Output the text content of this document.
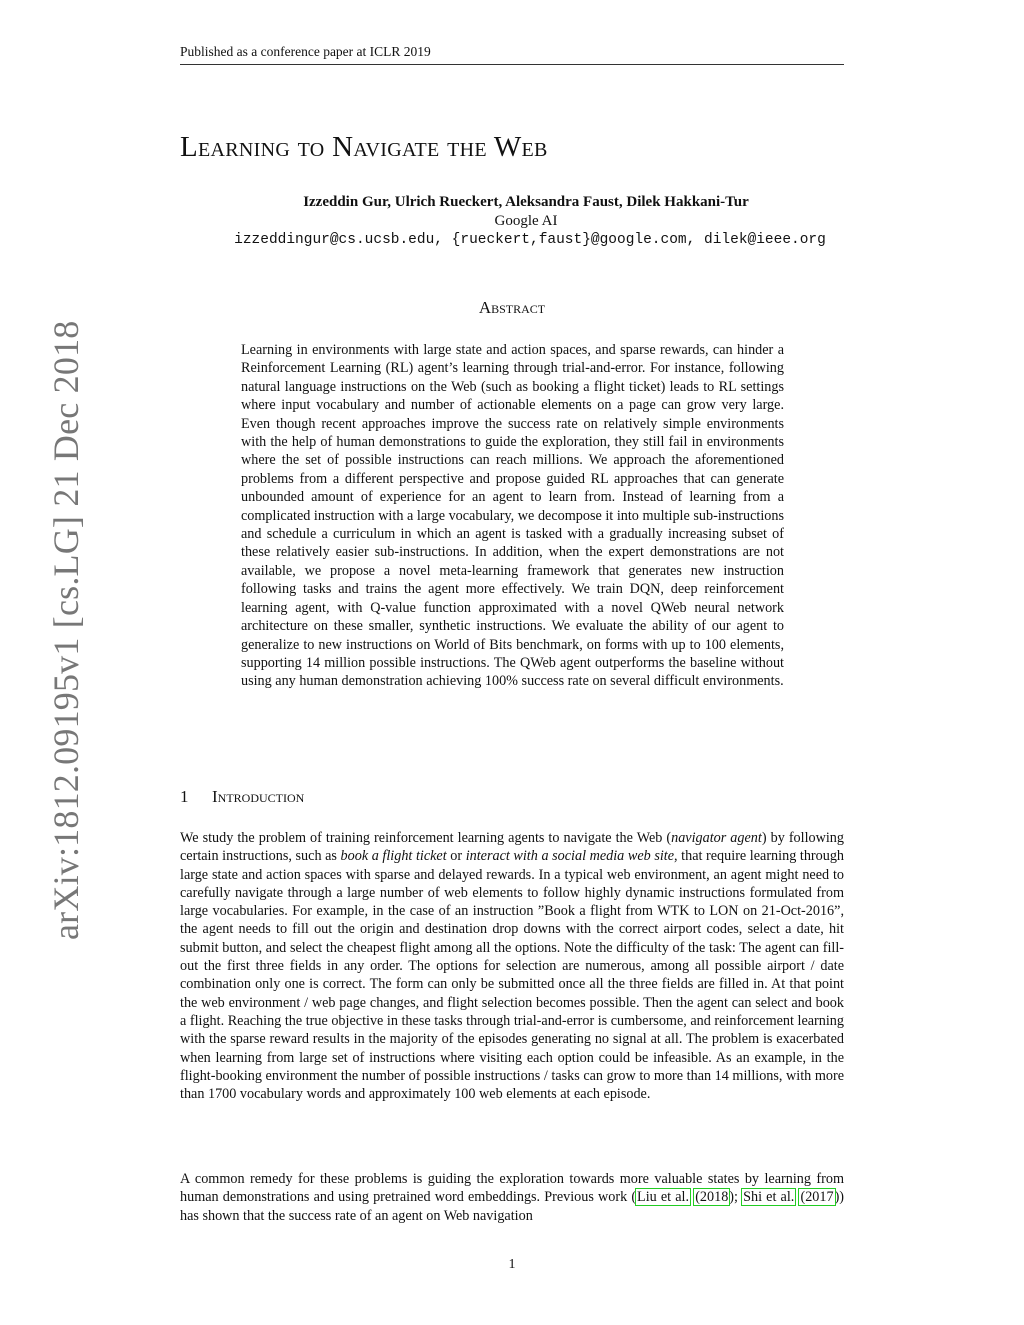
Published as a conference paper at ICLR 2019
arXiv:1812.09195v1 [cs.LG] 21 Dec 2018
Learning to Navigate the Web
Izzeddin Gur, Ulrich Rueckert, Aleksandra Faust, Dilek Hakkani-Tur
Google AI
izzeddingur@cs.ucsb.edu, {rueckert,faust}@google.com, dilek@ieee.org
Abstract
Learning in environments with large state and action spaces, and sparse rewards, can hinder a Reinforcement Learning (RL) agent’s learning through trial-and-error. For instance, following natural language instructions on the Web (such as booking a flight ticket) leads to RL settings where input vocabulary and number of actionable elements on a page can grow very large. Even though recent approaches improve the success rate on relatively simple environments with the help of human demonstrations to guide the exploration, they still fail in environments where the set of possible instructions can reach millions. We approach the aforementioned problems from a different perspective and propose guided RL approaches that can generate unbounded amount of experience for an agent to learn from. Instead of learning from a complicated instruction with a large vocabulary, we decompose it into multiple sub-instructions and schedule a curriculum in which an agent is tasked with a gradually increasing subset of these relatively easier sub-instructions. In addition, when the expert demonstrations are not available, we propose a novel meta-learning framework that generates new instruction following tasks and trains the agent more effectively. We train DQN, deep reinforcement learning agent, with Q-value function approximated with a novel QWeb neural network architecture on these smaller, synthetic instructions. We evaluate the ability of our agent to generalize to new instructions on World of Bits benchmark, on forms with up to 100 elements, supporting 14 million possible instructions. The QWeb agent outperforms the baseline without using any human demonstration achieving 100% success rate on several difficult environments.
1 Introduction
We study the problem of training reinforcement learning agents to navigate the Web (navigator agent) by following certain instructions, such as book a flight ticket or interact with a social media web site, that require learning through large state and action spaces with sparse and delayed rewards. In a typical web environment, an agent might need to carefully navigate through a large number of web elements to follow highly dynamic instructions formulated from large vocabularies. For example, in the case of an instruction ”Book a flight from WTK to LON on 21-Oct-2016”, the agent needs to fill out the origin and destination drop downs with the correct airport codes, select a date, hit submit button, and select the cheapest flight among all the options. Note the difficulty of the task: The agent can fill-out the first three fields in any order. The options for selection are numerous, among all possible airport / date combination only one is correct. The form can only be submitted once all the three fields are filled in. At that point the web environment / web page changes, and flight selection becomes possible. Then the agent can select and book a flight. Reaching the true objective in these tasks through trial-and-error is cumbersome, and reinforcement learning with the sparse reward results in the majority of the episodes generating no signal at all. The problem is exacerbated when learning from large set of instructions where visiting each option could be infeasible. As an example, in the flight-booking environment the number of possible instructions / tasks can grow to more than 14 millions, with more than 1700 vocabulary words and approximately 100 web elements at each episode.
A common remedy for these problems is guiding the exploration towards more valuable states by learning from human demonstrations and using pretrained word embeddings. Previous work (Liu et al. (2018); Shi et al. (2017)) has shown that the success rate of an agent on Web navigation
1
